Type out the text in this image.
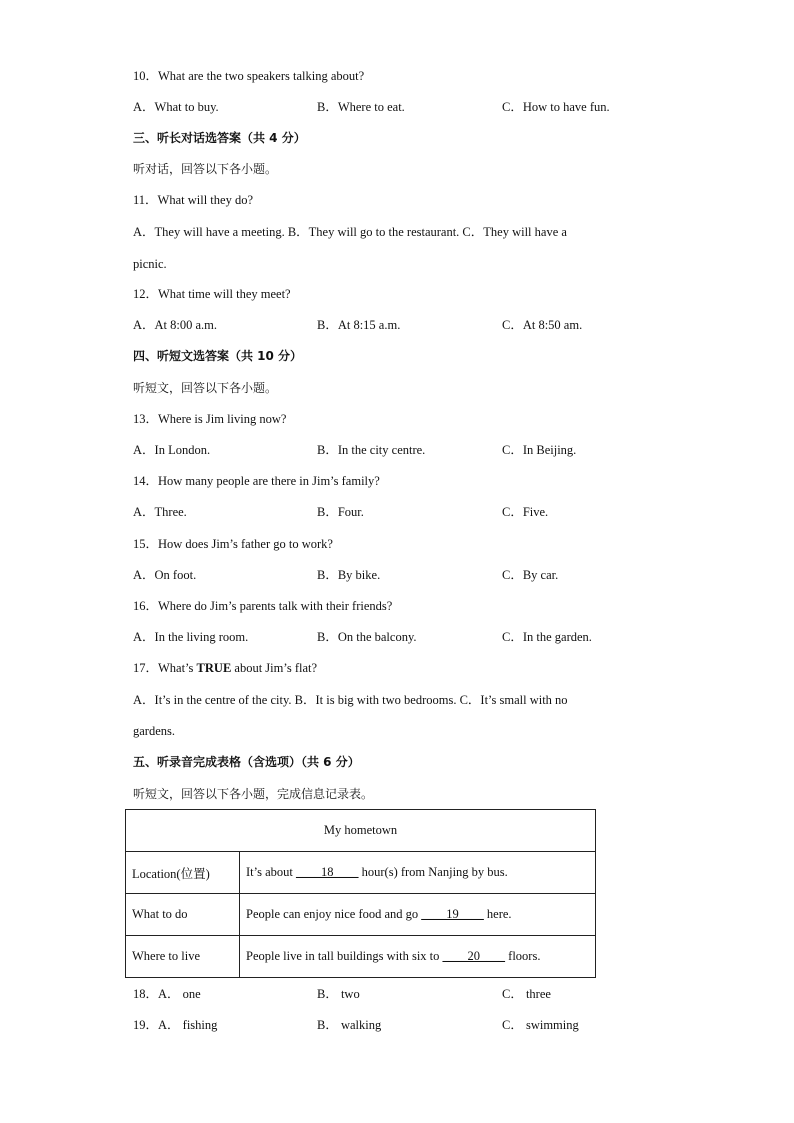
10．What are the two speakers talking about?
A．What to buy.	B．Where to eat.	C．How to have fun.
三、听长对话选答案（共 4 分）
听对话，回答以下各小题。
11．What will they do?
A．They will have a meeting. B．They will go to the restaurant. C．They will have a
picnic.
12．What time will they meet?
A．At 8:00 a.m.	B．At 8:15 a.m.	C．At 8:50 am.
四、听短文选答案（共 10 分）
听短文，回答以下各小题。
13．Where is Jim living now?
A．In London.	B．In the city centre.	C．In Beijing.
14．How many people are there in Jim’s family?
A．Three.	B．Four.	C．Five.
15．How does Jim’s father go to work?
A．On foot.	B．By bike.	C．By car.
16．Where do Jim’s parents talk with their friends?
A．In the living room.	B．On the balcony.	C．In the garden.
17．What’s TRUE about Jim’s flat?
A．It’s in the centre of the city. B．It is big with two bedrooms. C．It’s small with no
gardens.
五、听录音完成表格（含选项）（共 6 分）
听短文，回答以下各小题，完成信息记录表。
My hometown	
Location(位置)	It’s about ____18____ hour(s) from Nanjing by bus.
What to do	People can enjoy nice food and go ____19____ here.
Where to live	People live in tall buildings with six to ____20____ floors.
18．A． one	B． two	C． three
19．A． fishing	B． walking	C． swimming
